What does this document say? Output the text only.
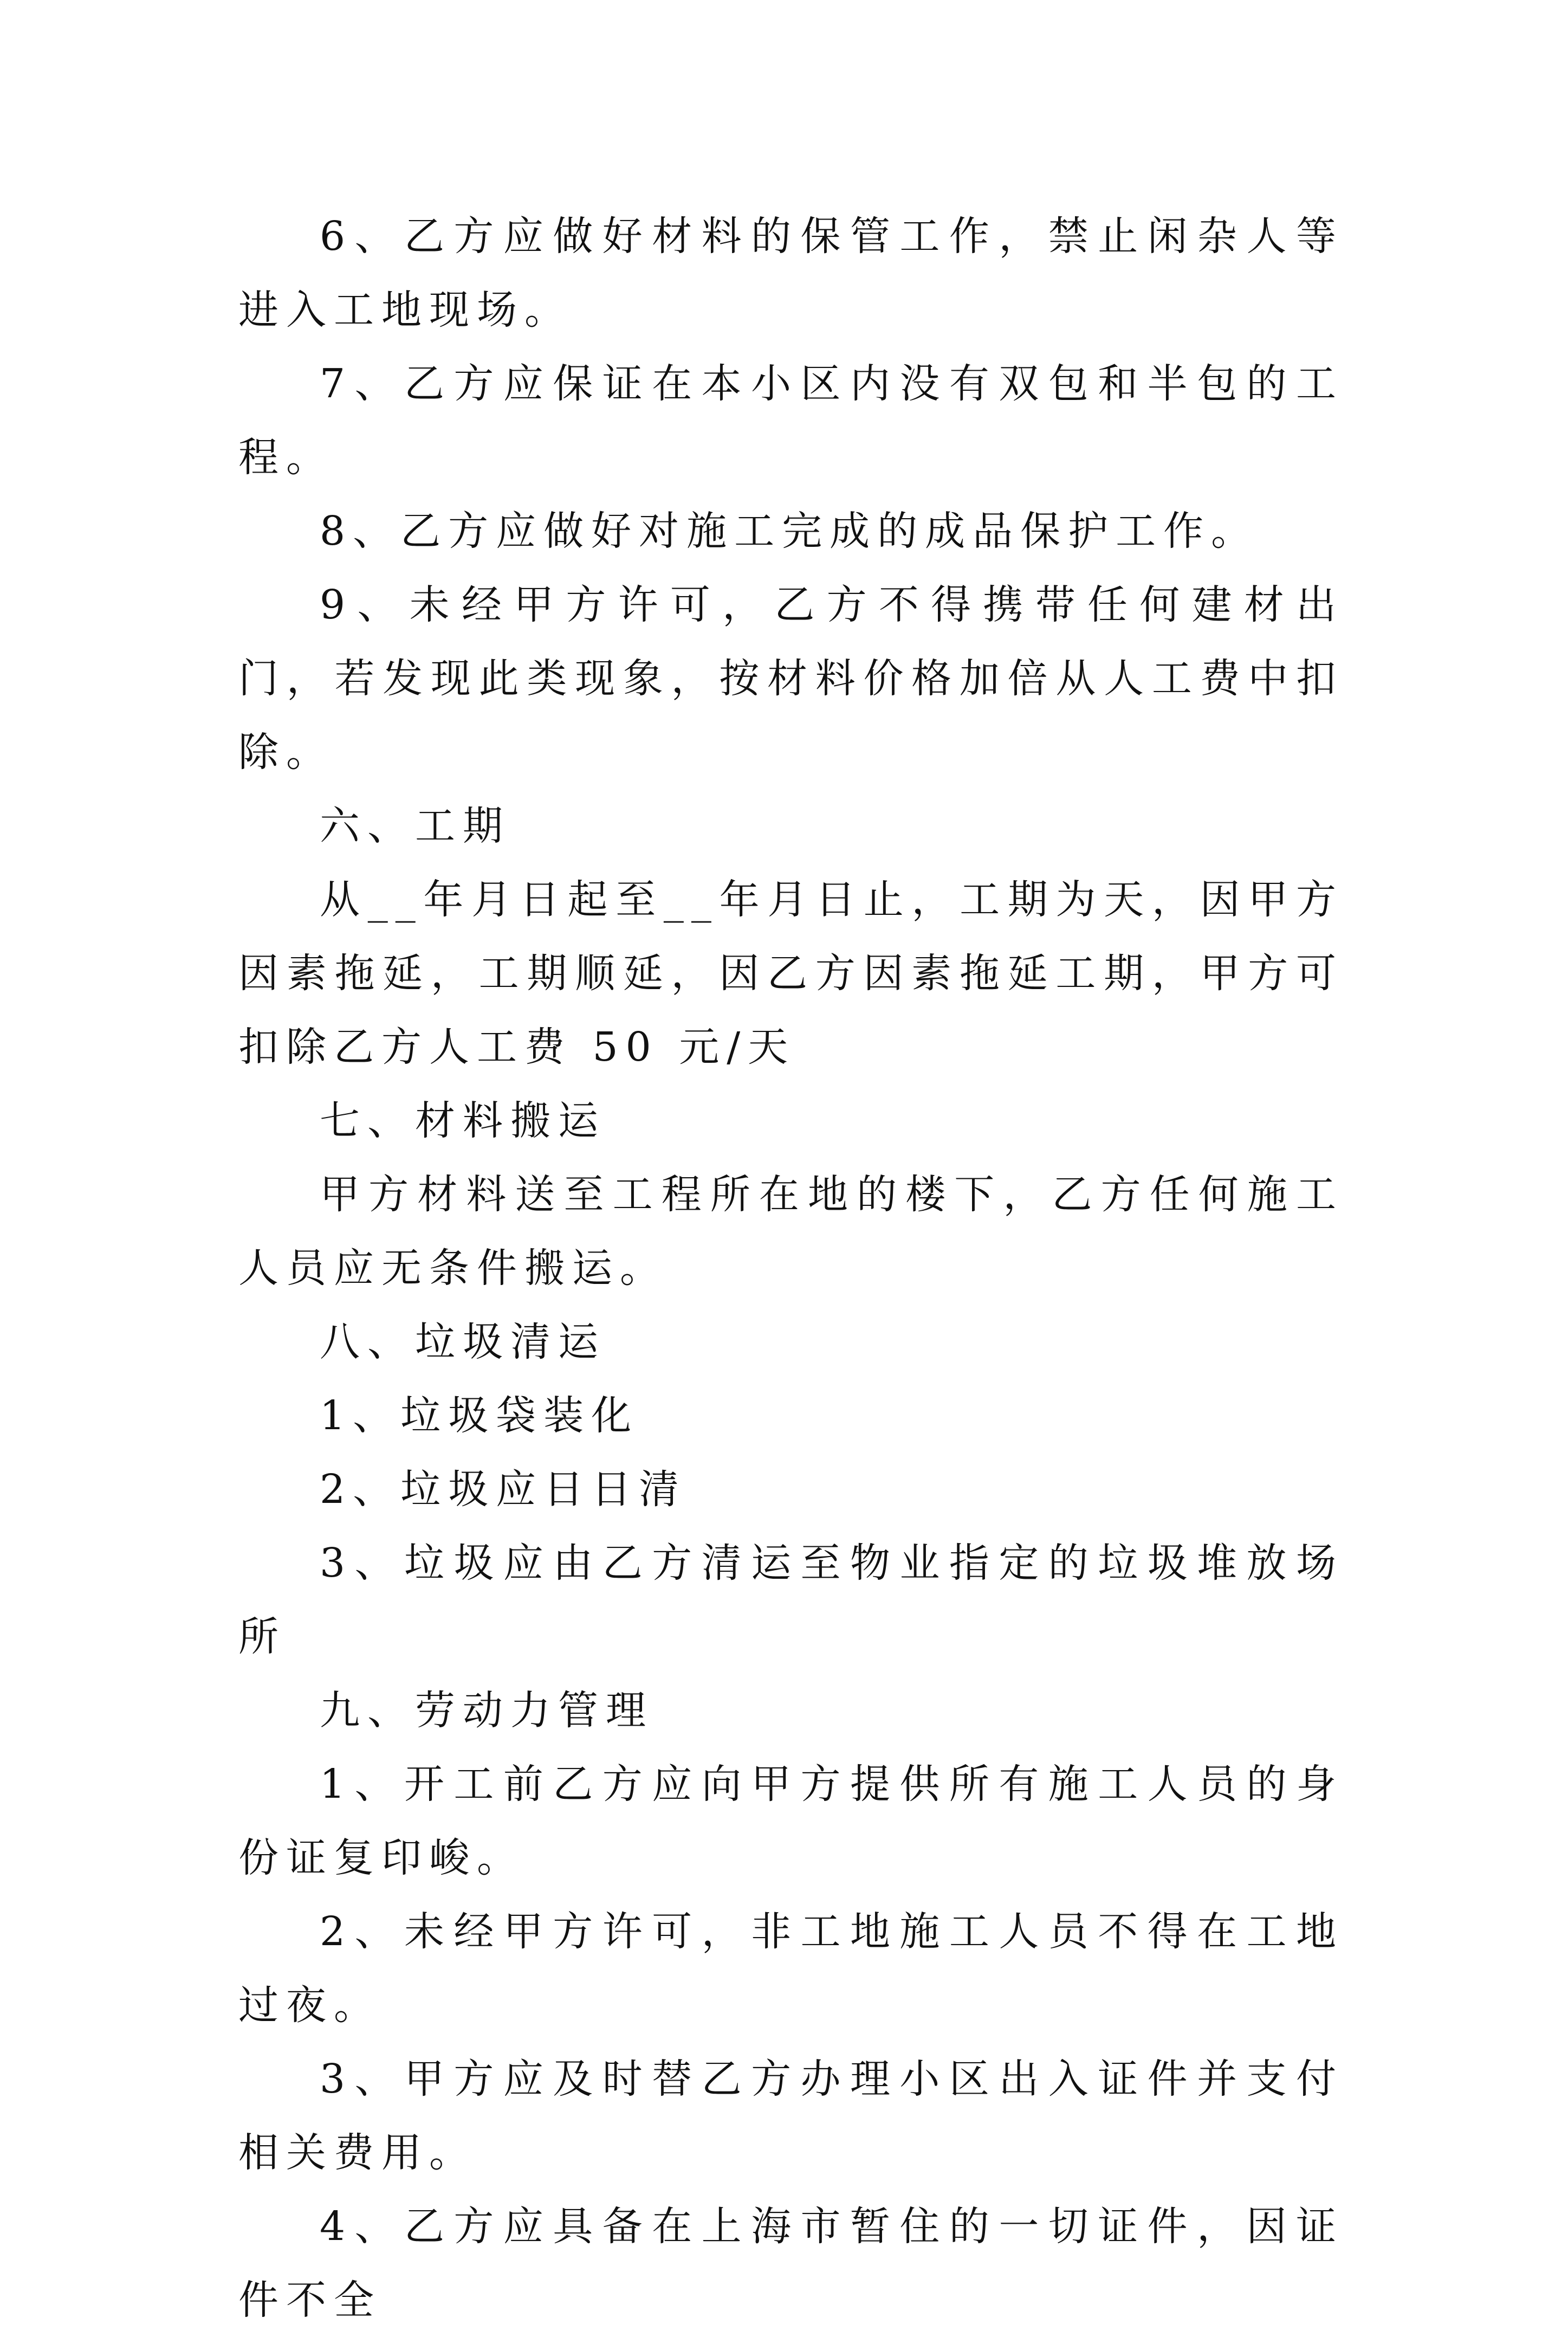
6、乙方应做好材料的保管工作，禁止闲杂人等进入工地现场。

7、乙方应保证在本小区内没有双包和半包的工程。

8、乙方应做好对施工完成的成品保护工作。

9、未经甲方许可，乙方不得携带任何建材出门，若发现此类现象，按材料价格加倍从人工费中扣除。

六、工期

从__年月日起至__年月日止，工期为天，因甲方因素拖延，工期顺延，因乙方因素拖延工期，甲方可扣除乙方人工费 50 元/天

七、材料搬运

甲方材料送至工程所在地的楼下，乙方任何施工人员应无条件搬运。

八、垃圾清运

1、垃圾袋装化

2、垃圾应日日清

3、垃圾应由乙方清运至物业指定的垃圾堆放场所

九、劳动力管理

1、开工前乙方应向甲方提供所有施工人员的身份证复印峻。

2、未经甲方许可，非工地施工人员不得在工地过夜。

3、甲方应及时替乙方办理小区出入证件并支付相关费用。

4、乙方应具备在上海市暂住的一切证件，因证件不全
